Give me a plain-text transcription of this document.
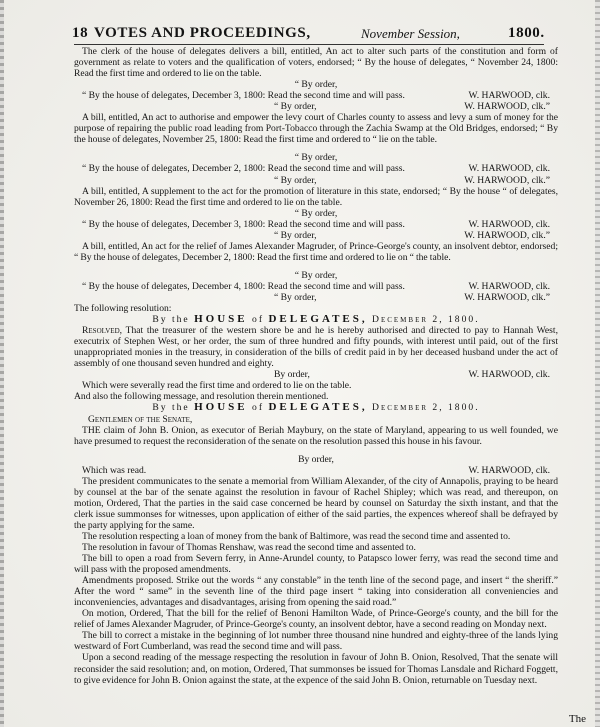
18 VOTES AND PROCEEDINGS,	November Session,	1800.

The clerk of the house of delegates delivers a bill, entitled, An act to alter such parts of the constitution and form of government as relate to voters and the qualification of voters, endorsed; “ By the house of delegates, “ November 24, 1800: Read the first time and ordered to lie on the table.

“ By order,
“ By the house of delegates, December 3, 1800: Read the second time and will pass.	W. HARWOOD, clk.
“ By order,	W. HARWOOD, clk.”

A bill, entitled, An act to authorise and empower the levy court of Charles county to assess and levy a sum of money for the purpose of repairing the public road leading from Port-Tobacco through the Zachia Swamp at the Old Bridges, endorsed; “ By the house of delegates, November 25, 1800: Read the first time and ordered to “ lie on the table.

“ By order,
“ By the house of delegates, December 2, 1800: Read the second time and will pass.	W. HARWOOD, clk.
“ By order,	W. HARWOOD, clk.”

A bill, entitled, A supplement to the act for the promotion of literature in this state, endorsed; “ By the house “ of delegates, November 26, 1800: Read the first time and ordered to lie on the table.

“ By order,
“ By the house of delegates, December 3, 1800: Read the second time and will pass.	W. HARWOOD, clk.
“ By order,	W. HARWOOD, clk.”

A bill, entitled, An act for the relief of James Alexander Magruder, of Prince-George's county, an insolvent debtor, endorsed; “ By the house of delegates, December 2, 1800: Read the first time and ordered to lie on “ the table.

“ By order,
“ By the house of delegates, December 4, 1800: Read the second time and will pass.	W. HARWOOD, clk.
“ By order,	W. HARWOOD, clk.”

The following resolution:

By the HOUSE of DELEGATES, December 2, 1800.

Resolved, That the treasurer of the western shore be and he is hereby authorised and directed to pay to Hannah West, executrix of Stephen West, or her order, the sum of three hundred and fifty pounds, with interest until paid, out of the first unappropriated monies in the treasury, in consideration of the bills of credit paid in by her deceased husband under the act of assembly of one thousand seven hundred and eighty.

By order,	W. HARWOOD, clk.

Which were severally read the first time and ordered to lie on the table.

And also the following message, and resolution therein mentioned.

By the HOUSE of DELEGATES, December 2, 1800.
Gentlemen of the Senate,

THE claim of John B. Onion, as executor of Beriah Maybury, on the state of Maryland, appearing to us well founded, we have presumed to request the reconsideration of the senate on the resolution passed this house in his favour.

By order,
Which was read.	W. HARWOOD, clk.

The president communicates to the senate a memorial from William Alexander, of the city of Annapolis, praying to be heard by counsel at the bar of the senate against the resolution in favour of Rachel Shipley; which was read, and thereupon, on motion, Ordered, That the parties in the said case concerned be heard by counsel on Saturday the sixth instant, and that the clerk issue summonses for witnesses, upon application of either of the said parties, the expences whereof shall be defrayed by the party applying for the same.

The resolution respecting a loan of money from the bank of Baltimore, was read the second time and assented to.

The resolution in favour of Thomas Renshaw, was read the second time and assented to.

The bill to open a road from Severn ferry, in Anne-Arundel county, to Patapsco lower ferry, was read the second time and will pass with the proposed amendments.

Amendments proposed. Strike out the words “ any constable” in the tenth line of the second page, and insert “ the sheriff.” After the word “ same” in the seventh line of the third page insert “ taking into consideration all conveniencies and inconveniencies, advantages and disadvantages, arising from opening the said road.”

On motion, Ordered, That the bill for the relief of Benoni Hamilton Wade, of Prince-George's county, and the bill for the relief of James Alexander Magruder, of Prince-George's county, an insolvent debtor, have a second reading on Monday next.

The bill to correct a mistake in the beginning of lot number three thousand nine hundred and eighty-three of the lands lying westward of Fort Cumberland, was read the second time and will pass.

Upon a second reading of the message respecting the resolution in favour of John B. Onion, Resolved, That the senate will reconsider the said resolution; and, on motion, Ordered, That summonses be issued for Thomas Lansdale and Richard Foggett, to give evidence for John B. Onion against the state, at the expence of the said John B. Onion, returnable on Tuesday next.

The
